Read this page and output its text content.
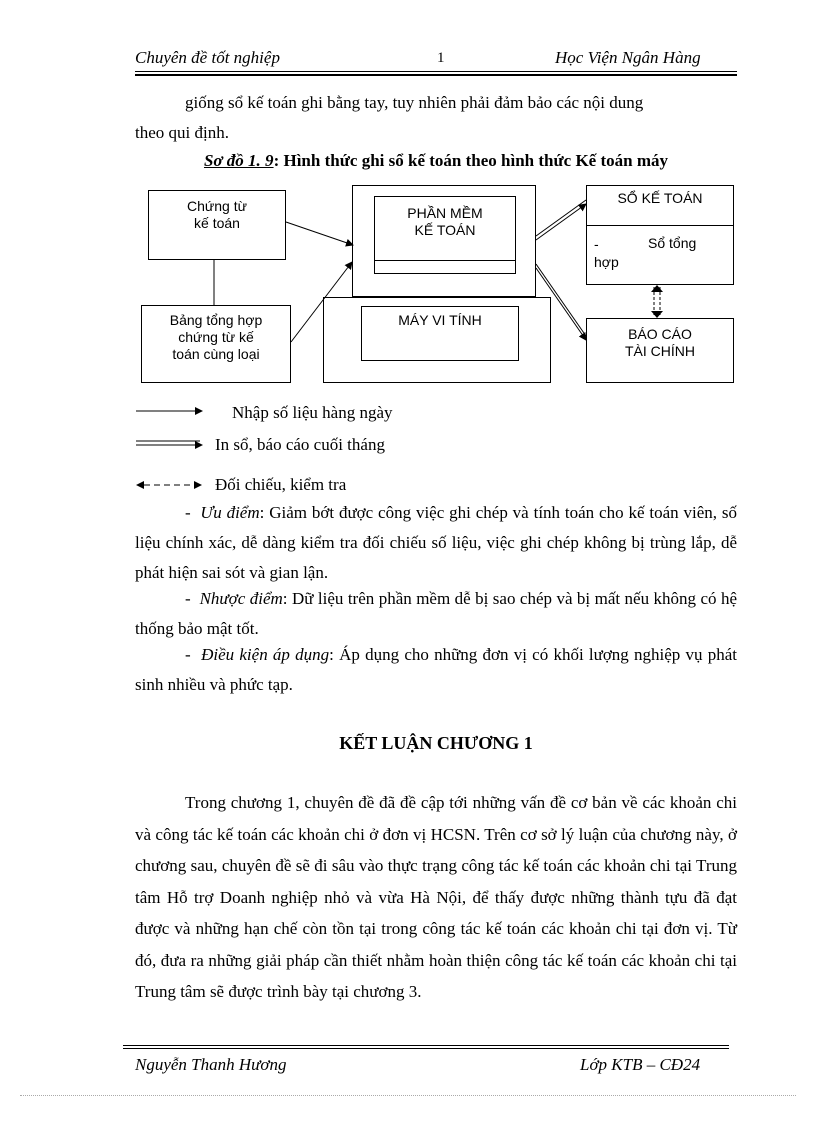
Chuyên đề tốt nghiệp	1	Học Viện Ngân Hàng

giống sổ kế toán ghi bằng tay, tuy nhiên phải đảm bảo các nội dung

theo qui định.

Sơ đồ 1. 9: Hình thức ghi sổ kế toán theo hình thức Kế toán máy
Chứng từ
kế toán
Bảng tổng hợp
chứng từ kế
toán cùng loại
PHẦN MỀM
KẾ TOÁN
MÁY VI TÍNH
SỔ KẾ TOÁN
-	Sổ tổng
hợp
BÁO CÁO
TÀI CHÍNH
Nhập số liệu hàng ngày
In sổ, báo cáo cuối tháng
Đối chiếu, kiểm tra

- Ưu điểm: Giảm bớt được công việc ghi chép và tính toán cho kế toán viên, số liệu chính xác, dễ dàng kiểm tra đối chiếu số liệu, việc ghi chép không bị trùng lắp, dễ phát hiện sai sót và gian lận.

- Nhược điểm: Dữ liệu trên phần mềm dễ bị sao chép và bị mất nếu không có hệ thống bảo mật tốt.

- Điều kiện áp dụng: Áp dụng cho những đơn vị có khối lượng nghiệp vụ phát sinh nhiều và phức tạp.

KẾT LUẬN CHƯƠNG 1

Trong chương 1, chuyên đề đã đề cập tới những vấn đề cơ bản về các khoản chi và công tác kế toán các khoản chi ở đơn vị HCSN. Trên cơ sở lý luận của chương này, ở chương sau, chuyên đề sẽ đi sâu vào thực trạng công tác kế toán các khoản chi tại Trung tâm Hỗ trợ Doanh nghiệp nhỏ và vừa Hà Nội, để thấy được những thành tựu đã đạt được và những hạn chế còn tồn tại trong công tác kế toán các khoản chi tại đơn vị. Từ đó, đưa ra những giải pháp cần thiết nhằm hoàn thiện công tác kế toán các khoản chi tại Trung tâm sẽ được trình bày tại chương 3.

Nguyễn Thanh Hương	Lớp KTB – CĐ24
